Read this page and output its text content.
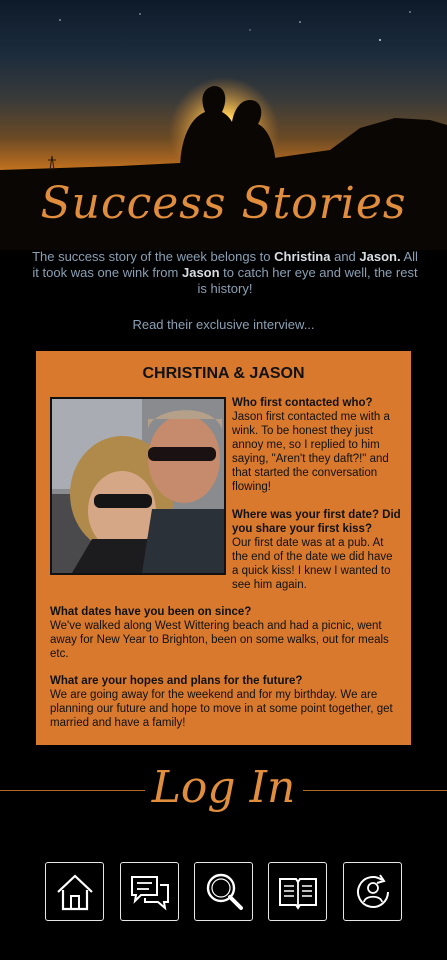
Success Stories
The success story of the week belongs to Christina and Jason. All it took was one wink from Jason to catch her eye and well, the rest is history!
Read their exclusive interview...
CHRISTINA & JASON
Who first contacted who?
Jason first contacted me with a wink. To be honest they just annoy me, so I replied to him saying, "Aren't they daft?!" and that started the conversation flowing!
Where was your first date? Did you share your first kiss?
Our first date was at a pub. At the end of the date we did have a quick kiss! I knew I wanted to see him again.
What dates have you been on since?
We've walked along West Wittering beach and had a picnic, went away for New Year to Brighton, been on some walks, out for meals etc.
What are your hopes and plans for the future?
We are going away for the weekend and for my birthday. We are planning our future and hope to move in at some point together, get married and have a family!
Log In
